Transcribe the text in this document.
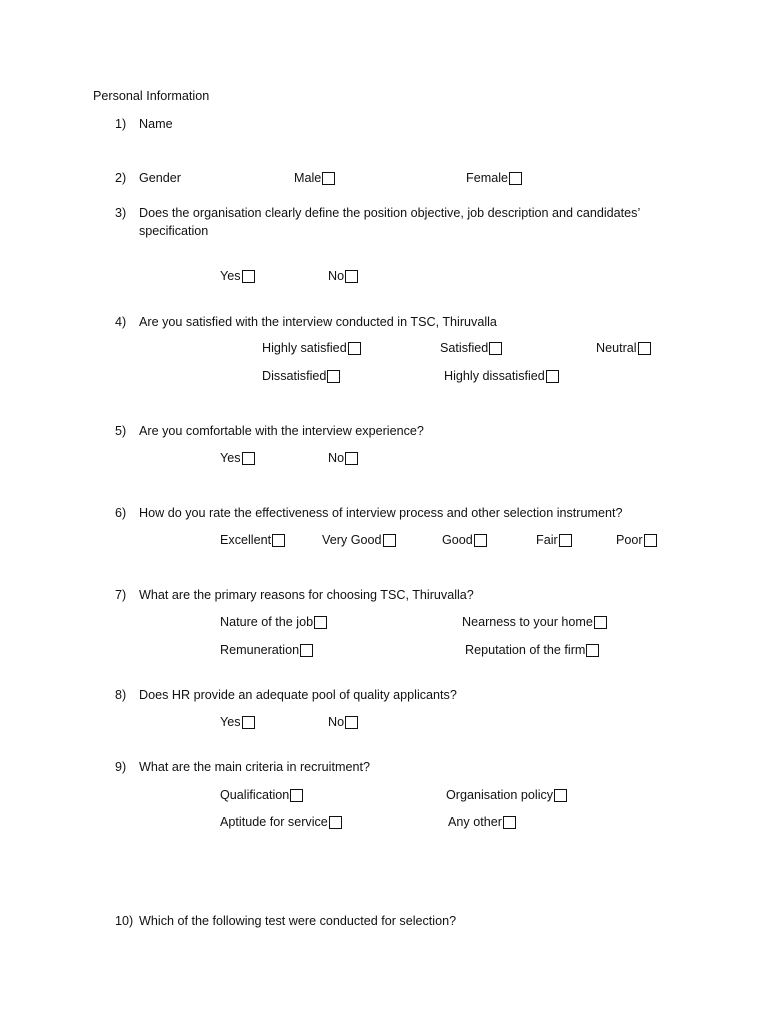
Personal Information
1) Name
2) Gender	Male	Female
3) Does the organisation clearly define the position objective, job description and candidates’
specification
Yes	No
4) Are you satisfied with the interview conducted in TSC, Thiruvalla
Highly satisfied	Satisfied	Neutral
Dissatisfied	Highly dissatisfied
5) Are you comfortable with the interview experience?
Yes	No
6) How do you rate the effectiveness of interview process and other selection instrument?
Excellent	Very Good	Good	Fair	Poor
7) What are the primary reasons for choosing TSC, Thiruvalla?
Nature of the job	Nearness to your home
Remuneration	Reputation of the firm
8) Does HR provide an adequate pool of quality applicants?
Yes	No
9) What are the main criteria in recruitment?
Qualification	Organisation policy
Aptitude for service	Any other
10) Which of the following test were conducted for selection?
